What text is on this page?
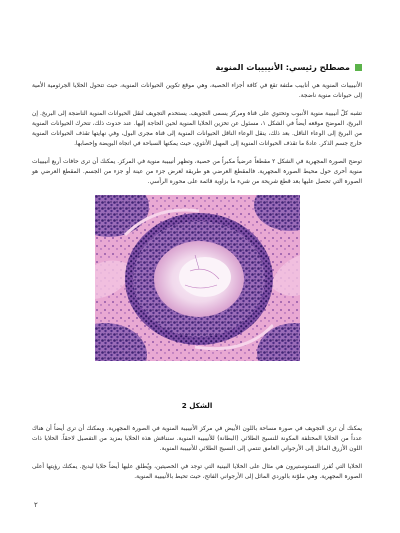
مصطلح رئيسي: الأنيبيبات المنوية

الأنيبيبات المنوية هي أنابيب ملتفة تقع في كافة أجزاء الخصية، وهي موقع تكوين الحيوانات المنوية، حيث تتحول الخلايا الجرثومية الأمية إلى حيوانات منوية ناضجة.

تشبه كلّ أنيبيبة منوية الأنبوب وتحتوي على قناة ومركز يسمى التجويف. يستخدم التجويف لنقل الحيوانات المنوية الناضجة إلى البربخ. إن البربخ، الموضح موقعه أيضاً في الشكل ١، مسئول عن تخزين الخلايا المنوية لحين الحاجة إليها. عند حدوث ذلك، تتحرك الحيوانات المنوية من البربخ إلى الوعاء الناقل. بعد ذلك، ينقل الوعاء الناقل الحيوانات المنوية إلى قناة مجرى البول، وفي نهايتها تقذف الحيوانات المنوية خارج جسم الذكر. عادةً ما تقذف الحيوانات المنوية إلى المهبل الأنثوي، حيث يمكنها السباحة في اتجاه البويضة وإخصابها.

توضح الصورة المجهرية في الشكل ٢ مقطعاً عرضياً مكبراً من خصية، وتظهر أنيبيبة منوية في المركز. يمكنك أن ترى حافات أربع أنيبيبات منوية أخرى حول محيط الصورة المجهرية. فالمقطع العرضي هو طريقة لعرض جزء من عينة أو جزء من الجسم. المقطع العرضي هو الصورة التي تحصل عليها بعد قطع شريحة من شيء ما بزاوية قائمة على محوره الرأسي.

الشكل 2

يمكنك أن ترى التجويف في صورة مساحة باللون الأبيض في مركز الأنيبيبة المنوية في الصورة المجهرية. ويمكنك أن ترى أيضاً أن هناك عدداً من الخلايا المختلفة المكونة للنسيج الطلائي (البطانة) للأنيبيبة المنوية. سنناقش هذه الخلايا بمزيد من التفصيل لاحقاً. الخلايا ذات اللون الأزرق المائل إلى الأرجواني الغامق تنتمي إلى النسيج الطلائي للأنيبيبة المنوية.

الخلايا التي تُفرز التستوستيرون هي مثال على الخلايا البينية التي توجد في الخصيتين، ويُطلق عليها أيضاً خلايا ليديج. يمكنك رؤيتها أعلى الصورة المجهرية. وهي ملوّنة بالوردي المائل إلى الأرجواني الفاتح، حيث تحيط بالأنيبيبة المنوية.

٢
